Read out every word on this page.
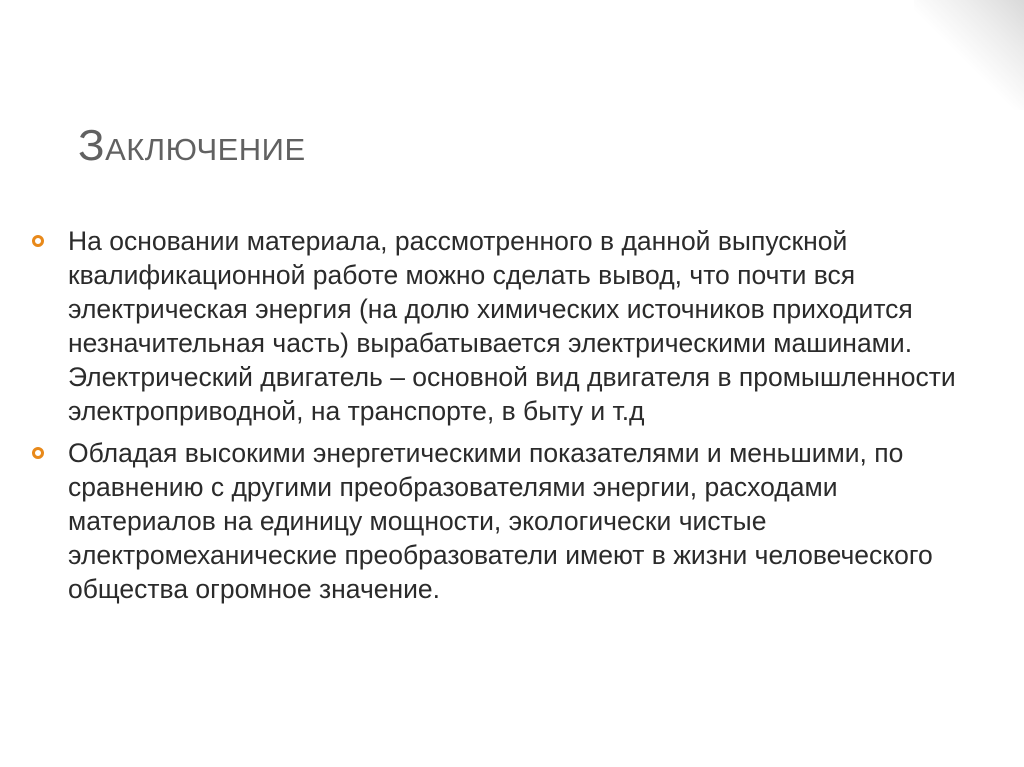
Заключение
На основании материала, рассмотренного в данной выпускной квалификационной работе можно сделать вывод, что почти вся электрическая энергия (на долю химических источников приходится незначительная часть) вырабатывается электрическими машинами. Электрический двигатель – основной вид двигателя в промышленности электроприводной, на транспорте, в быту и т.д
Обладая высокими энергетическими показателями и меньшими, по сравнению с другими преобразователями энергии, расходами материалов на единицу мощности, экологически чистые электромеханические преобразователи имеют в жизни человеческого общества огромное значение.
